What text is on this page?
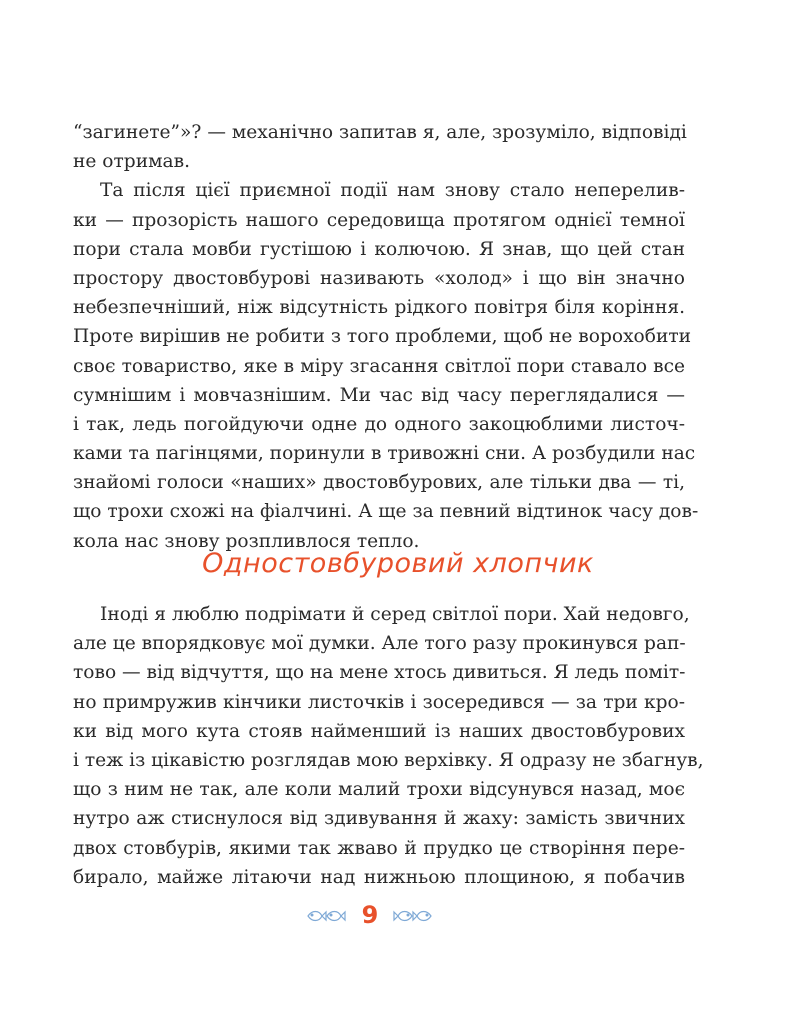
“загинете”»? — механічно запитав я, але, зрозуміло, відповіді
не отримав.
Та після цієї приємної події нам знову стало неперелив-
ки — прозорість нашого середовища протягом однієї темної
пори стала мовби густішою і колючою. Я знав, що цей стан
простору двостовбурові називають «холод» і що він значно
небезпечніший, ніж відсутність рідкого повітря біля коріння.
Проте вирішив не робити з того проблеми, щоб не ворохобити
своє товариство, яке в міру згасання світлої пори ставало все
сумнішим і мовчазнішим. Ми час від часу переглядалися —
і так, ледь погойдуючи одне до одного закоцюблими листоч-
ками та пагінцями, поринули в тривожні сни. А розбудили нас
знайомі голоси «наших» двостовбурових, але тільки два — ті,
що трохи схожі на фіалчині. А ще за певний відтинок часу дов-
кола нас знову розпливлося тепло.
Одностовбуровий хлопчик
Іноді я люблю подрімати й серед світлої пори. Хай недовго,
але це впорядковує мої думки. Але того разу прокинувся рап-
тово — від відчуття, що на мене хтось дивиться. Я ледь поміт-
но примружив кінчики листочків і зосередився — за три кро-
ки від мого кута стояв найменший із наших двостовбурових
і теж із цікавістю розглядав мою верхівку. Я одразу не збагнув,
що з ним не так, але коли малий трохи відсунувся назад, моє
нутро аж стиснулося від здивування й жаху: замість звичних
двох стовбурів, якими так жваво й прудко це створіння пере-
бирало, майже літаючи над нижньою площиною, я побачив
9
